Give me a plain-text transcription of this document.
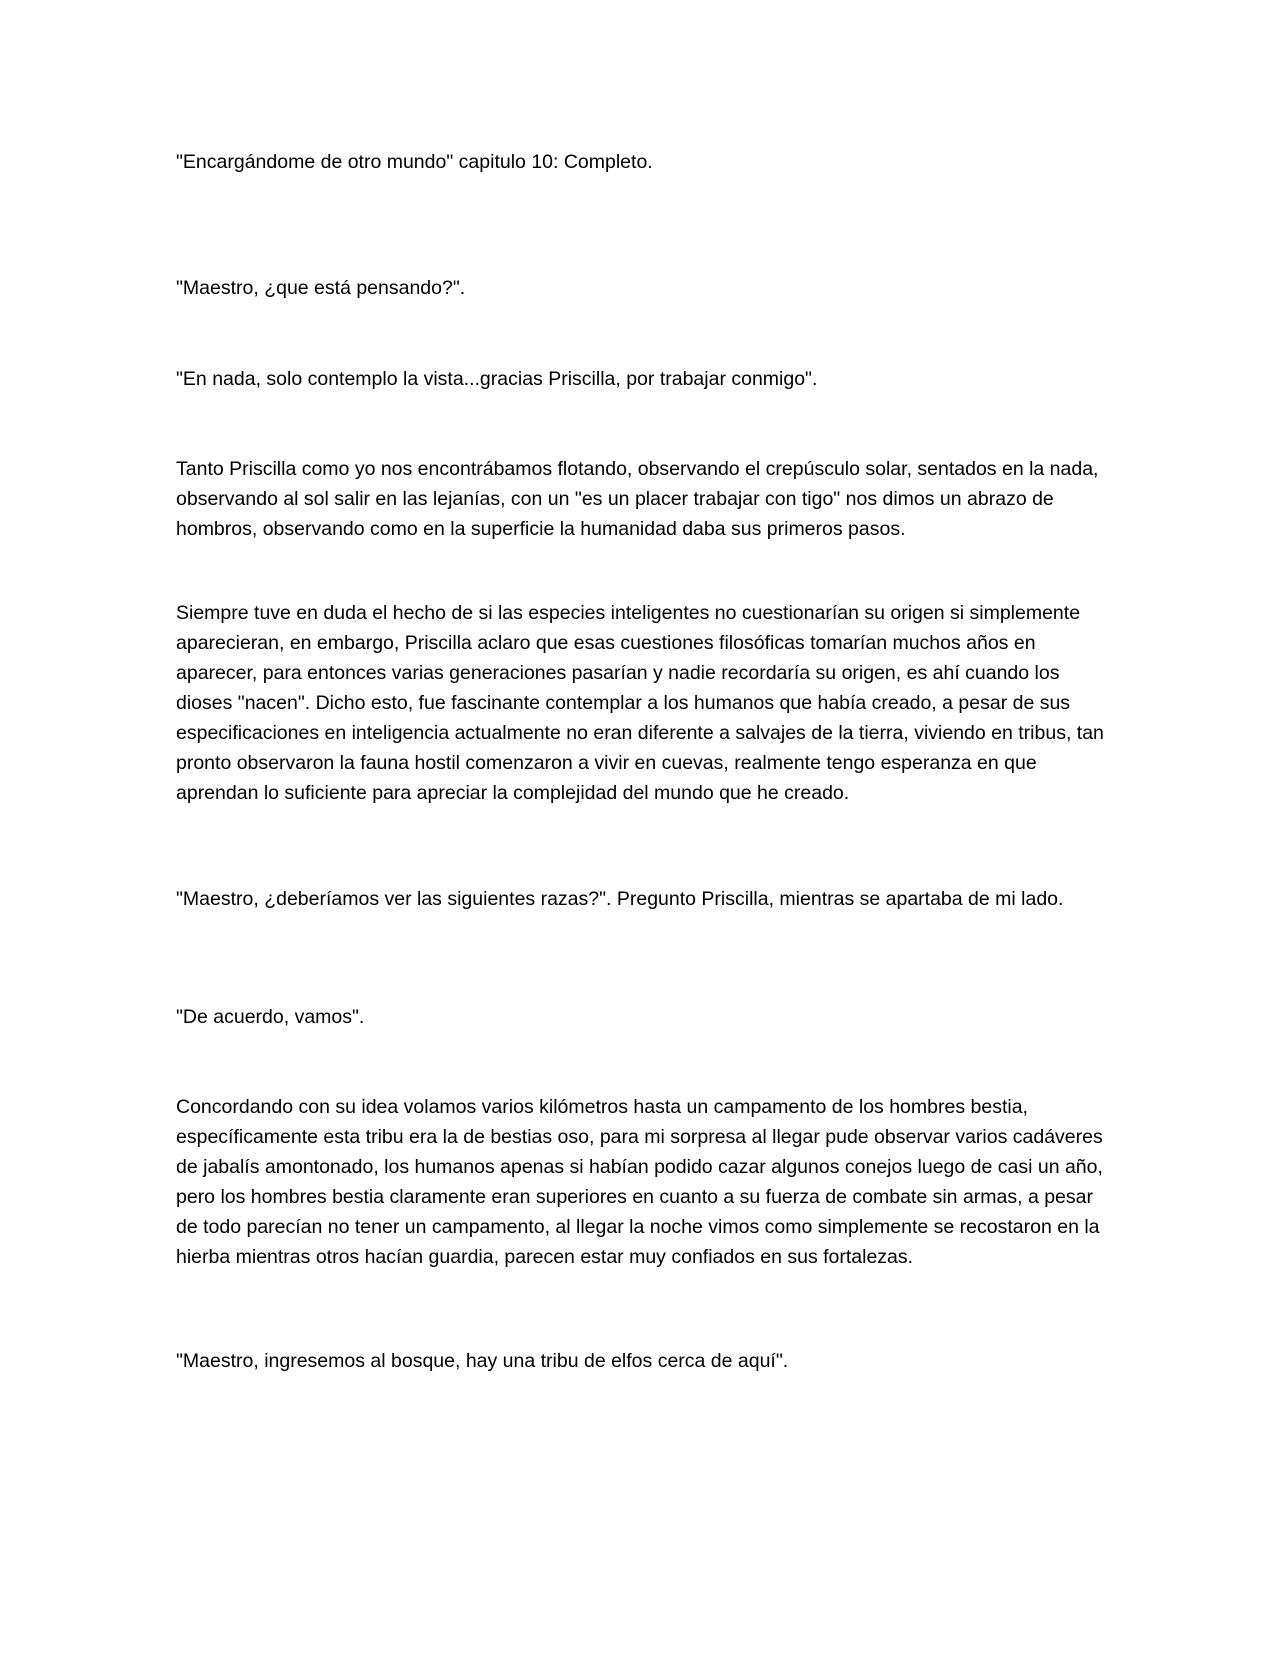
"Encargándome de otro mundo" capitulo 10: Completo.

"Maestro, ¿que está pensando?".

"En nada, solo contemplo la vista...gracias Priscilla, por trabajar conmigo".

Tanto Priscilla como yo nos encontrábamos flotando, observando el crepúsculo solar, sentados en la nada, observando al sol salir en las lejanías, con un "es un placer trabajar con tigo" nos dimos un abrazo de hombros, observando como en la superficie la humanidad daba sus primeros pasos.

Siempre tuve en duda el hecho de si las especies inteligentes no cuestionarían su origen si simplemente aparecieran, en embargo, Priscilla aclaro que esas cuestiones filosóficas tomarían muchos años en aparecer, para entonces varias generaciones pasarían y nadie recordaría su origen, es ahí cuando los dioses "nacen". Dicho esto, fue fascinante contemplar a los humanos que había creado, a pesar de sus especificaciones en inteligencia actualmente no eran diferente a salvajes de la tierra, viviendo en tribus, tan pronto observaron la fauna hostil comenzaron a vivir en cuevas, realmente tengo esperanza en que aprendan lo suficiente para apreciar la complejidad del mundo que he creado.

"Maestro, ¿deberíamos ver las siguientes razas?". Pregunto Priscilla, mientras se apartaba de mi lado.

"De acuerdo, vamos".

Concordando con su idea volamos varios kilómetros hasta un campamento de los hombres bestia, específicamente esta tribu era la de bestias oso, para mi sorpresa al llegar pude observar varios cadáveres de jabalís amontonado, los humanos apenas si habían podido cazar algunos conejos luego de casi un año, pero los hombres bestia claramente eran superiores en cuanto a su fuerza de combate sin armas, a pesar de todo parecían no tener un campamento, al llegar la noche vimos como simplemente se recostaron en la hierba mientras otros hacían guardia, parecen estar muy confiados en sus fortalezas.

"Maestro, ingresemos al bosque, hay una tribu de elfos cerca de aquí".
